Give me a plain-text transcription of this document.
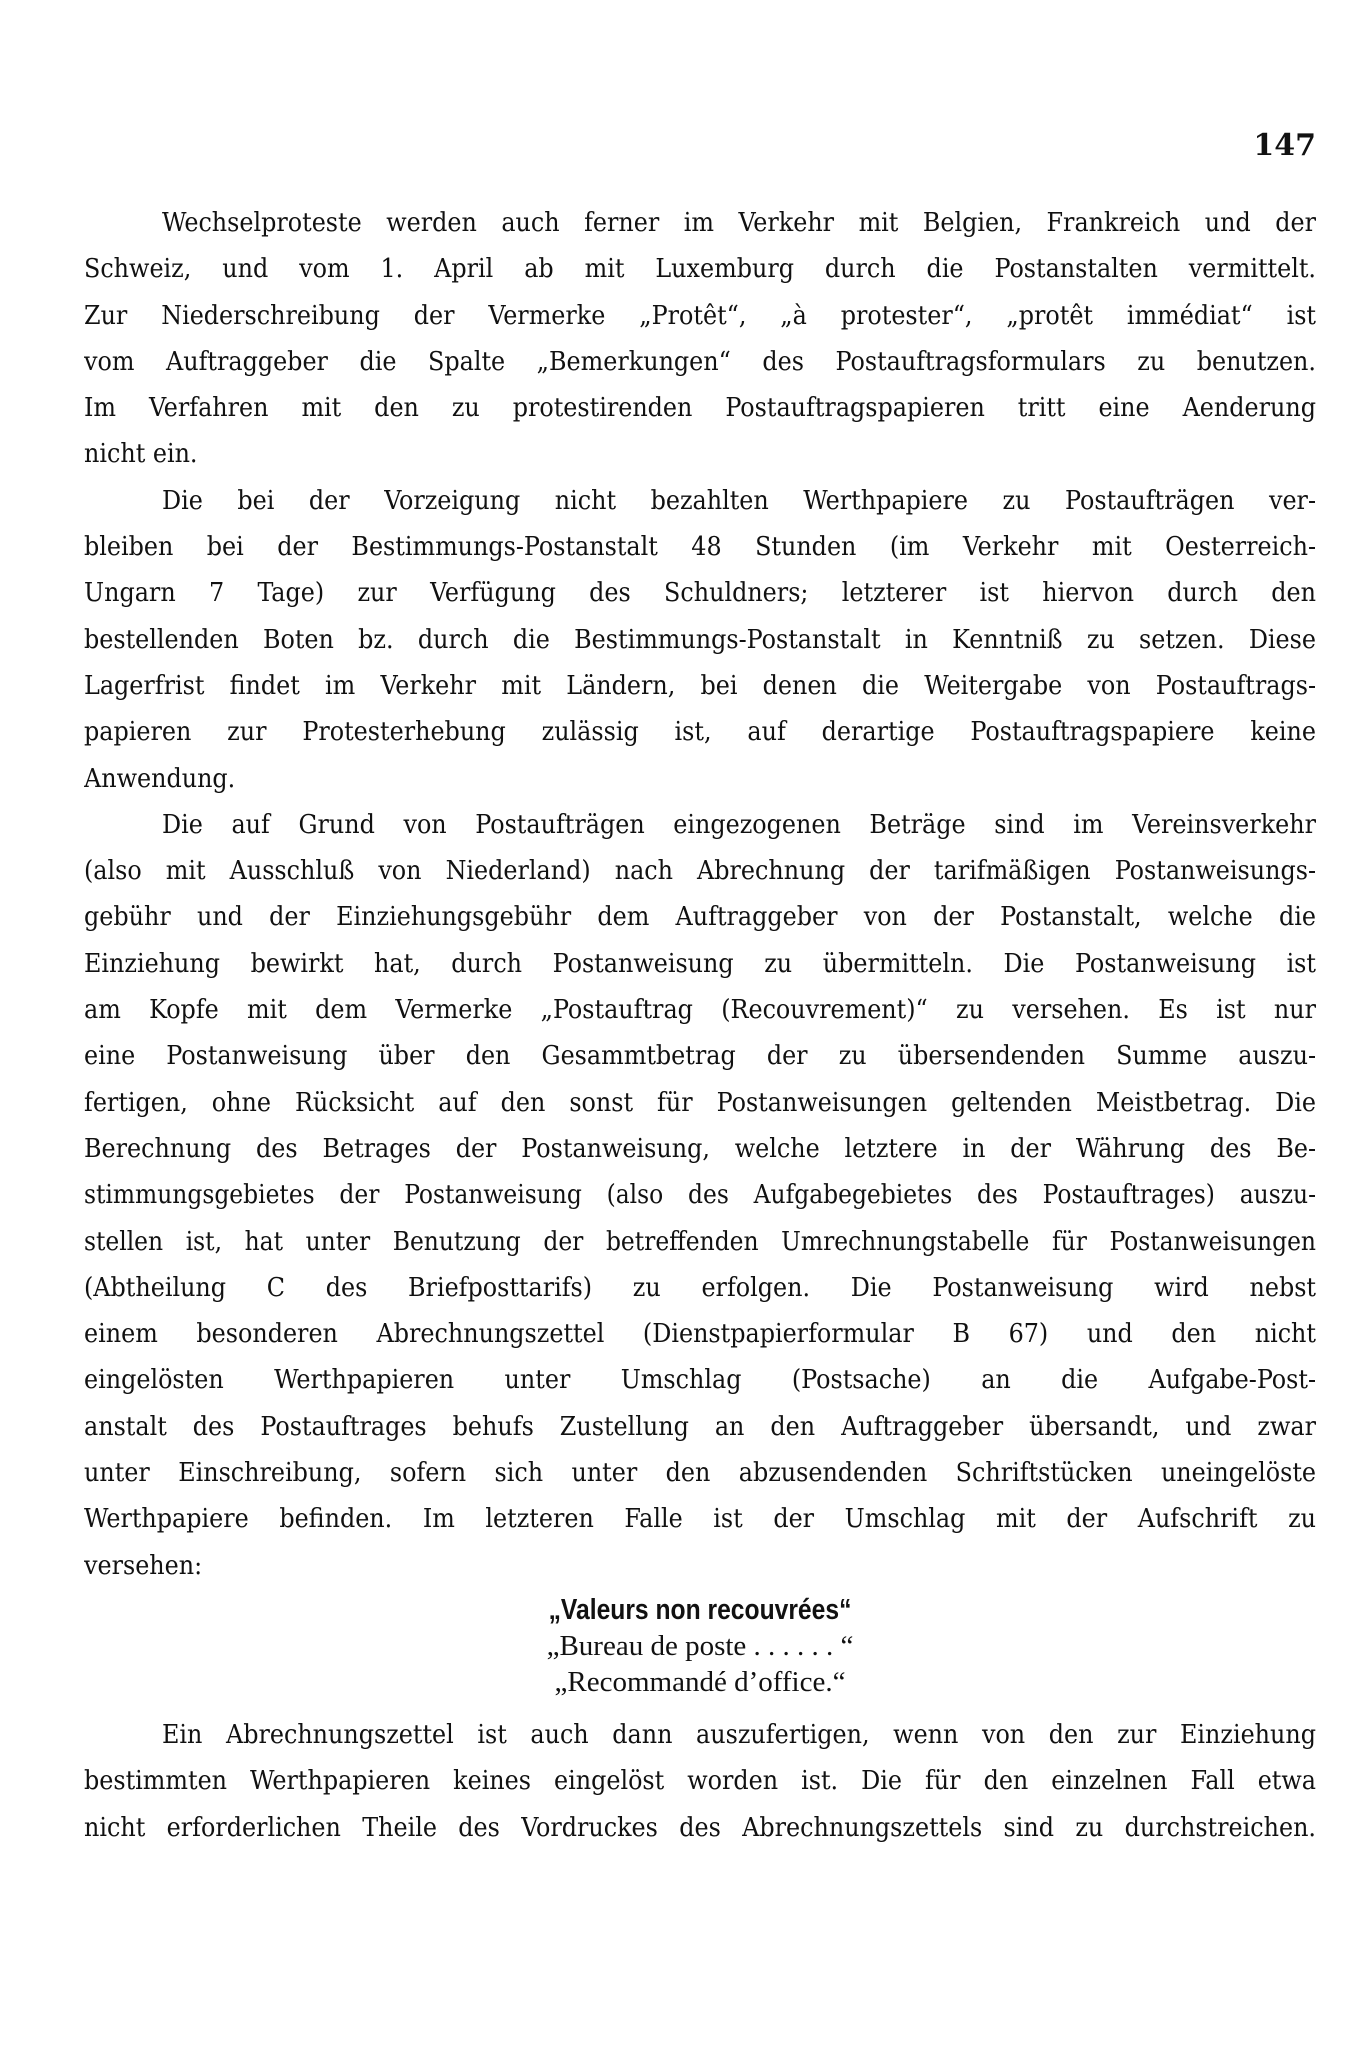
147
Wechselproteste werden auch ferner im Verkehr mit Belgien, Frankreich und der
Schweiz, und vom 1. April ab mit Luxemburg durch die Postanstalten vermittelt.
Zur Niederschreibung der Vermerke „Protêt“, „à protester“, „protêt immédiat“ ist
vom Auftraggeber die Spalte „Bemerkungen“ des Postauftragsformulars zu benutzen.
Im Verfahren mit den zu protestirenden Postauftragspapieren tritt eine Aenderung
nicht ein.
Die bei der Vorzeigung nicht bezahlten Werthpapiere zu Postaufträgen ver-
bleiben bei der Bestimmungs-Postanstalt 48 Stunden (im Verkehr mit Oesterreich-
Ungarn 7 Tage) zur Verfügung des Schuldners; letzterer ist hiervon durch den
bestellenden Boten bz. durch die Bestimmungs-Postanstalt in Kenntniß zu setzen. Diese
Lagerfrist findet im Verkehr mit Ländern, bei denen die Weitergabe von Postauftrags-
papieren zur Protesterhebung zulässig ist, auf derartige Postauftragspapiere keine
Anwendung.
Die auf Grund von Postaufträgen eingezogenen Beträge sind im Vereinsverkehr
(also mit Ausschluß von Niederland) nach Abrechnung der tarifmäßigen Postanweisungs-
gebühr und der Einziehungsgebühr dem Auftraggeber von der Postanstalt, welche die
Einziehung bewirkt hat, durch Postanweisung zu übermitteln. Die Postanweisung ist
am Kopfe mit dem Vermerke „Postauftrag (Recouvrement)“ zu versehen. Es ist nur
eine Postanweisung über den Gesammtbetrag der zu übersendenden Summe auszu-
fertigen, ohne Rücksicht auf den sonst für Postanweisungen geltenden Meistbetrag. Die
Berechnung des Betrages der Postanweisung, welche letztere in der Währung des Be-
stimmungsgebietes der Postanweisung (also des Aufgabegebietes des Postauftrages) auszu-
stellen ist, hat unter Benutzung der betreffenden Umrechnungstabelle für Postanweisungen
(Abtheilung C des Briefposttarifs) zu erfolgen. Die Postanweisung wird nebst
einem besonderen Abrechnungszettel (Dienstpapierformular B 67) und den nicht
eingelösten Werthpapieren unter Umschlag (Postsache) an die Aufgabe-Post-
anstalt des Postauftrages behufs Zustellung an den Auftraggeber übersandt, und zwar
unter Einschreibung, sofern sich unter den abzusendenden Schriftstücken uneingelöste
Werthpapiere befinden. Im letzteren Falle ist der Umschlag mit der Aufschrift zu
versehen:
„Valeurs non recouvrées“
„Bureau de poste . . . . . . “
„Recommandé d’office.“
Ein Abrechnungszettel ist auch dann auszufertigen, wenn von den zur Einziehung
bestimmten Werthpapieren keines eingelöst worden ist. Die für den einzelnen Fall etwa
nicht erforderlichen Theile des Vordruckes des Abrechnungszettels sind zu durchstreichen.
